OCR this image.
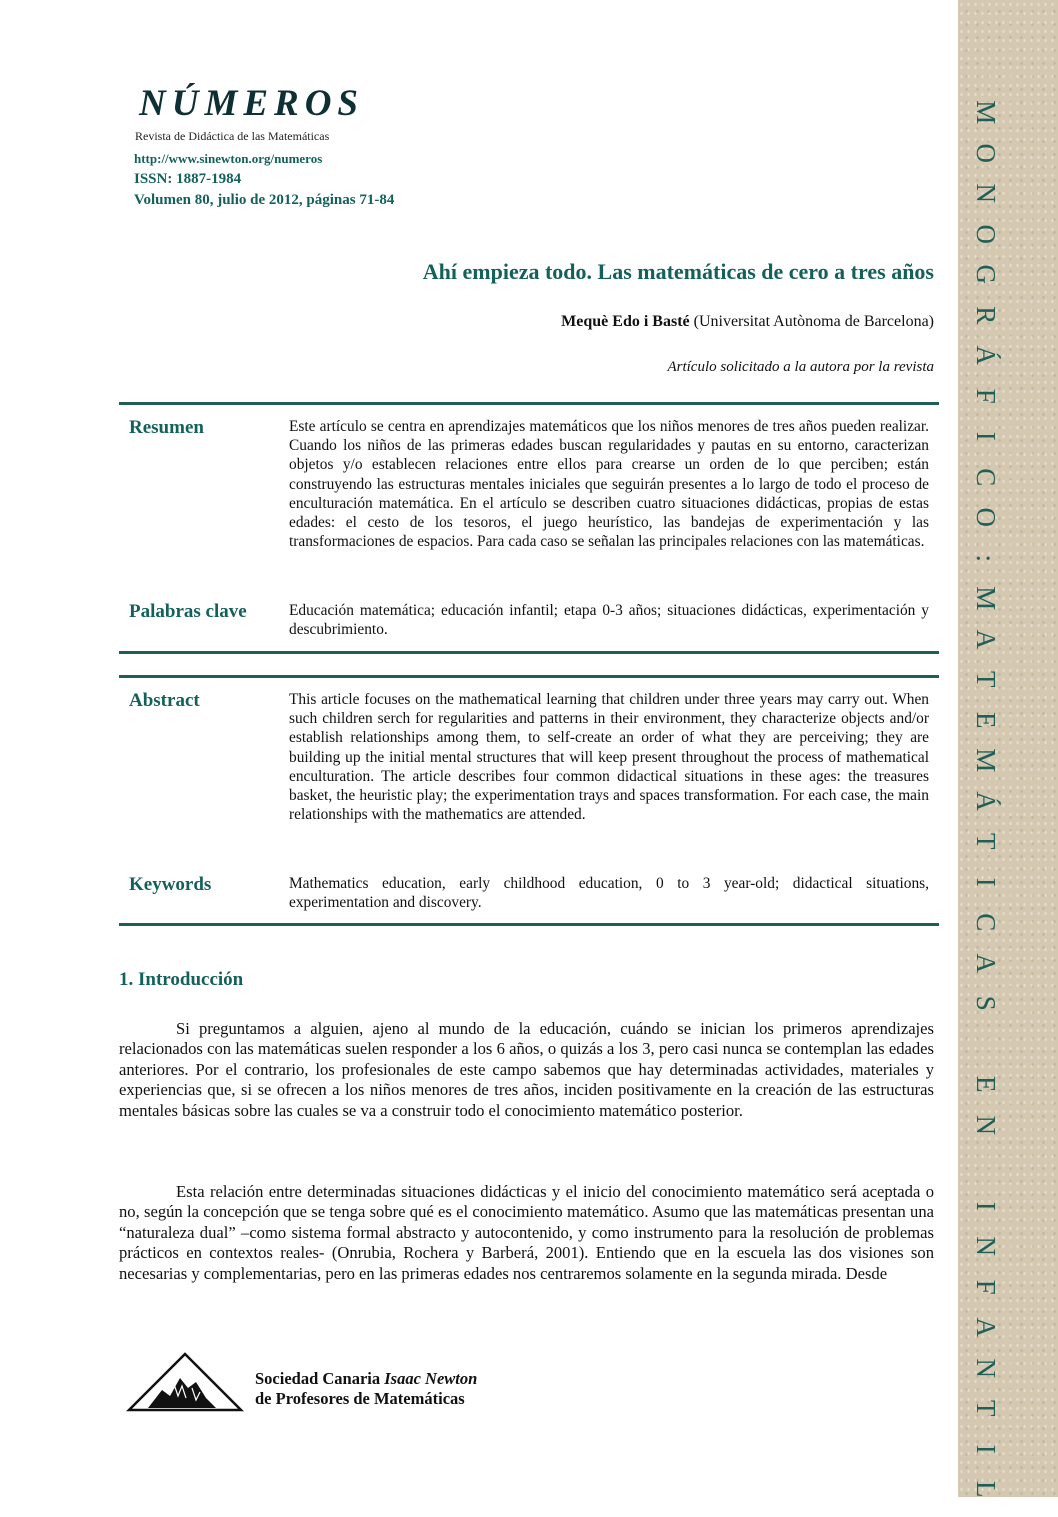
M
O
N
O
G
R
Á
F
I
C
O
:
M
A
T
E
M
Á
T
I
C
A
S
E
N
I
N
F
A
N
T
I
L
NÚMEROS
Revista de Didáctica de las Matemáticas
http://www.sinewton.org/numeros
ISSN: 1887-1984
Volumen 80, julio de 2012, páginas 71-84
Ahí empieza todo. Las matemáticas de cero a tres años
Mequè Edo i Basté (Universitat Autònoma de Barcelona)
Artículo solicitado a la autora por la revista
Resumen	Este artículo se centra en aprendizajes matemáticos que los niños menores de tres años pueden realizar. Cuando los niños de las primeras edades buscan regularidades y pautas en su entorno, caracterizan objetos y/o establecen relaciones entre ellos para crearse un orden de lo que perciben; están construyendo las estructuras mentales iniciales que seguirán presentes a lo largo de todo el proceso de enculturación matemática. En el artículo se describen cuatro situaciones didácticas, propias de estas edades: el cesto de los tesoros, el juego heurístico, las bandejas de experimentación y las transformaciones de espacios. Para cada caso se señalan las principales relaciones con las matemáticas.
Palabras clave	Educación matemática; educación infantil; etapa 0-3 años; situaciones didácticas, experimentación y descubrimiento.
Abstract	This article focuses on the mathematical learning that children under three years may carry out. When such children serch for regularities and patterns in their environment, they characterize objects and/or establish relationships among them, to self-create an order of what they are perceiving; they are building up the initial mental structures that will keep present throughout the process of mathematical enculturation. The article describes four common didactical situations in these ages: the treasures basket, the heuristic play; the experimentation trays and spaces transformation. For each case, the main relationships with the mathematics are attended.
Keywords	Mathematics education, early childhood education, 0 to 3 year-old; didactical situations, experimentation and discovery.
1. Introducción

Si preguntamos a alguien, ajeno al mundo de la educación, cuándo se inician los primeros aprendizajes relacionados con las matemáticas suelen responder a los 6 años, o quizás a los 3, pero casi nunca se contemplan las edades anteriores. Por el contrario, los profesionales de este campo sabemos que hay determinadas actividades, materiales y experiencias que, si se ofrecen a los niños menores de tres años, inciden positivamente en la creación de las estructuras mentales básicas sobre las cuales se va a construir todo el conocimiento matemático posterior.

Esta relación entre determinadas situaciones didácticas y el inicio del conocimiento matemático será aceptada o no, según la concepción que se tenga sobre qué es el conocimiento matemático. Asumo que las matemáticas presentan una “naturaleza dual” –como sistema formal abstracto y autocontenido, y como instrumento para la resolución de problemas prácticos en contextos reales- (Onrubia, Rochera y Barberá, 2001). Entiendo que en la escuela las dos visiones son necesarias y complementarias, pero en las primeras edades nos centraremos solamente en la segunda mirada. Desde

Sociedad Canaria Isaac Newton
de Profesores de Matemáticas
